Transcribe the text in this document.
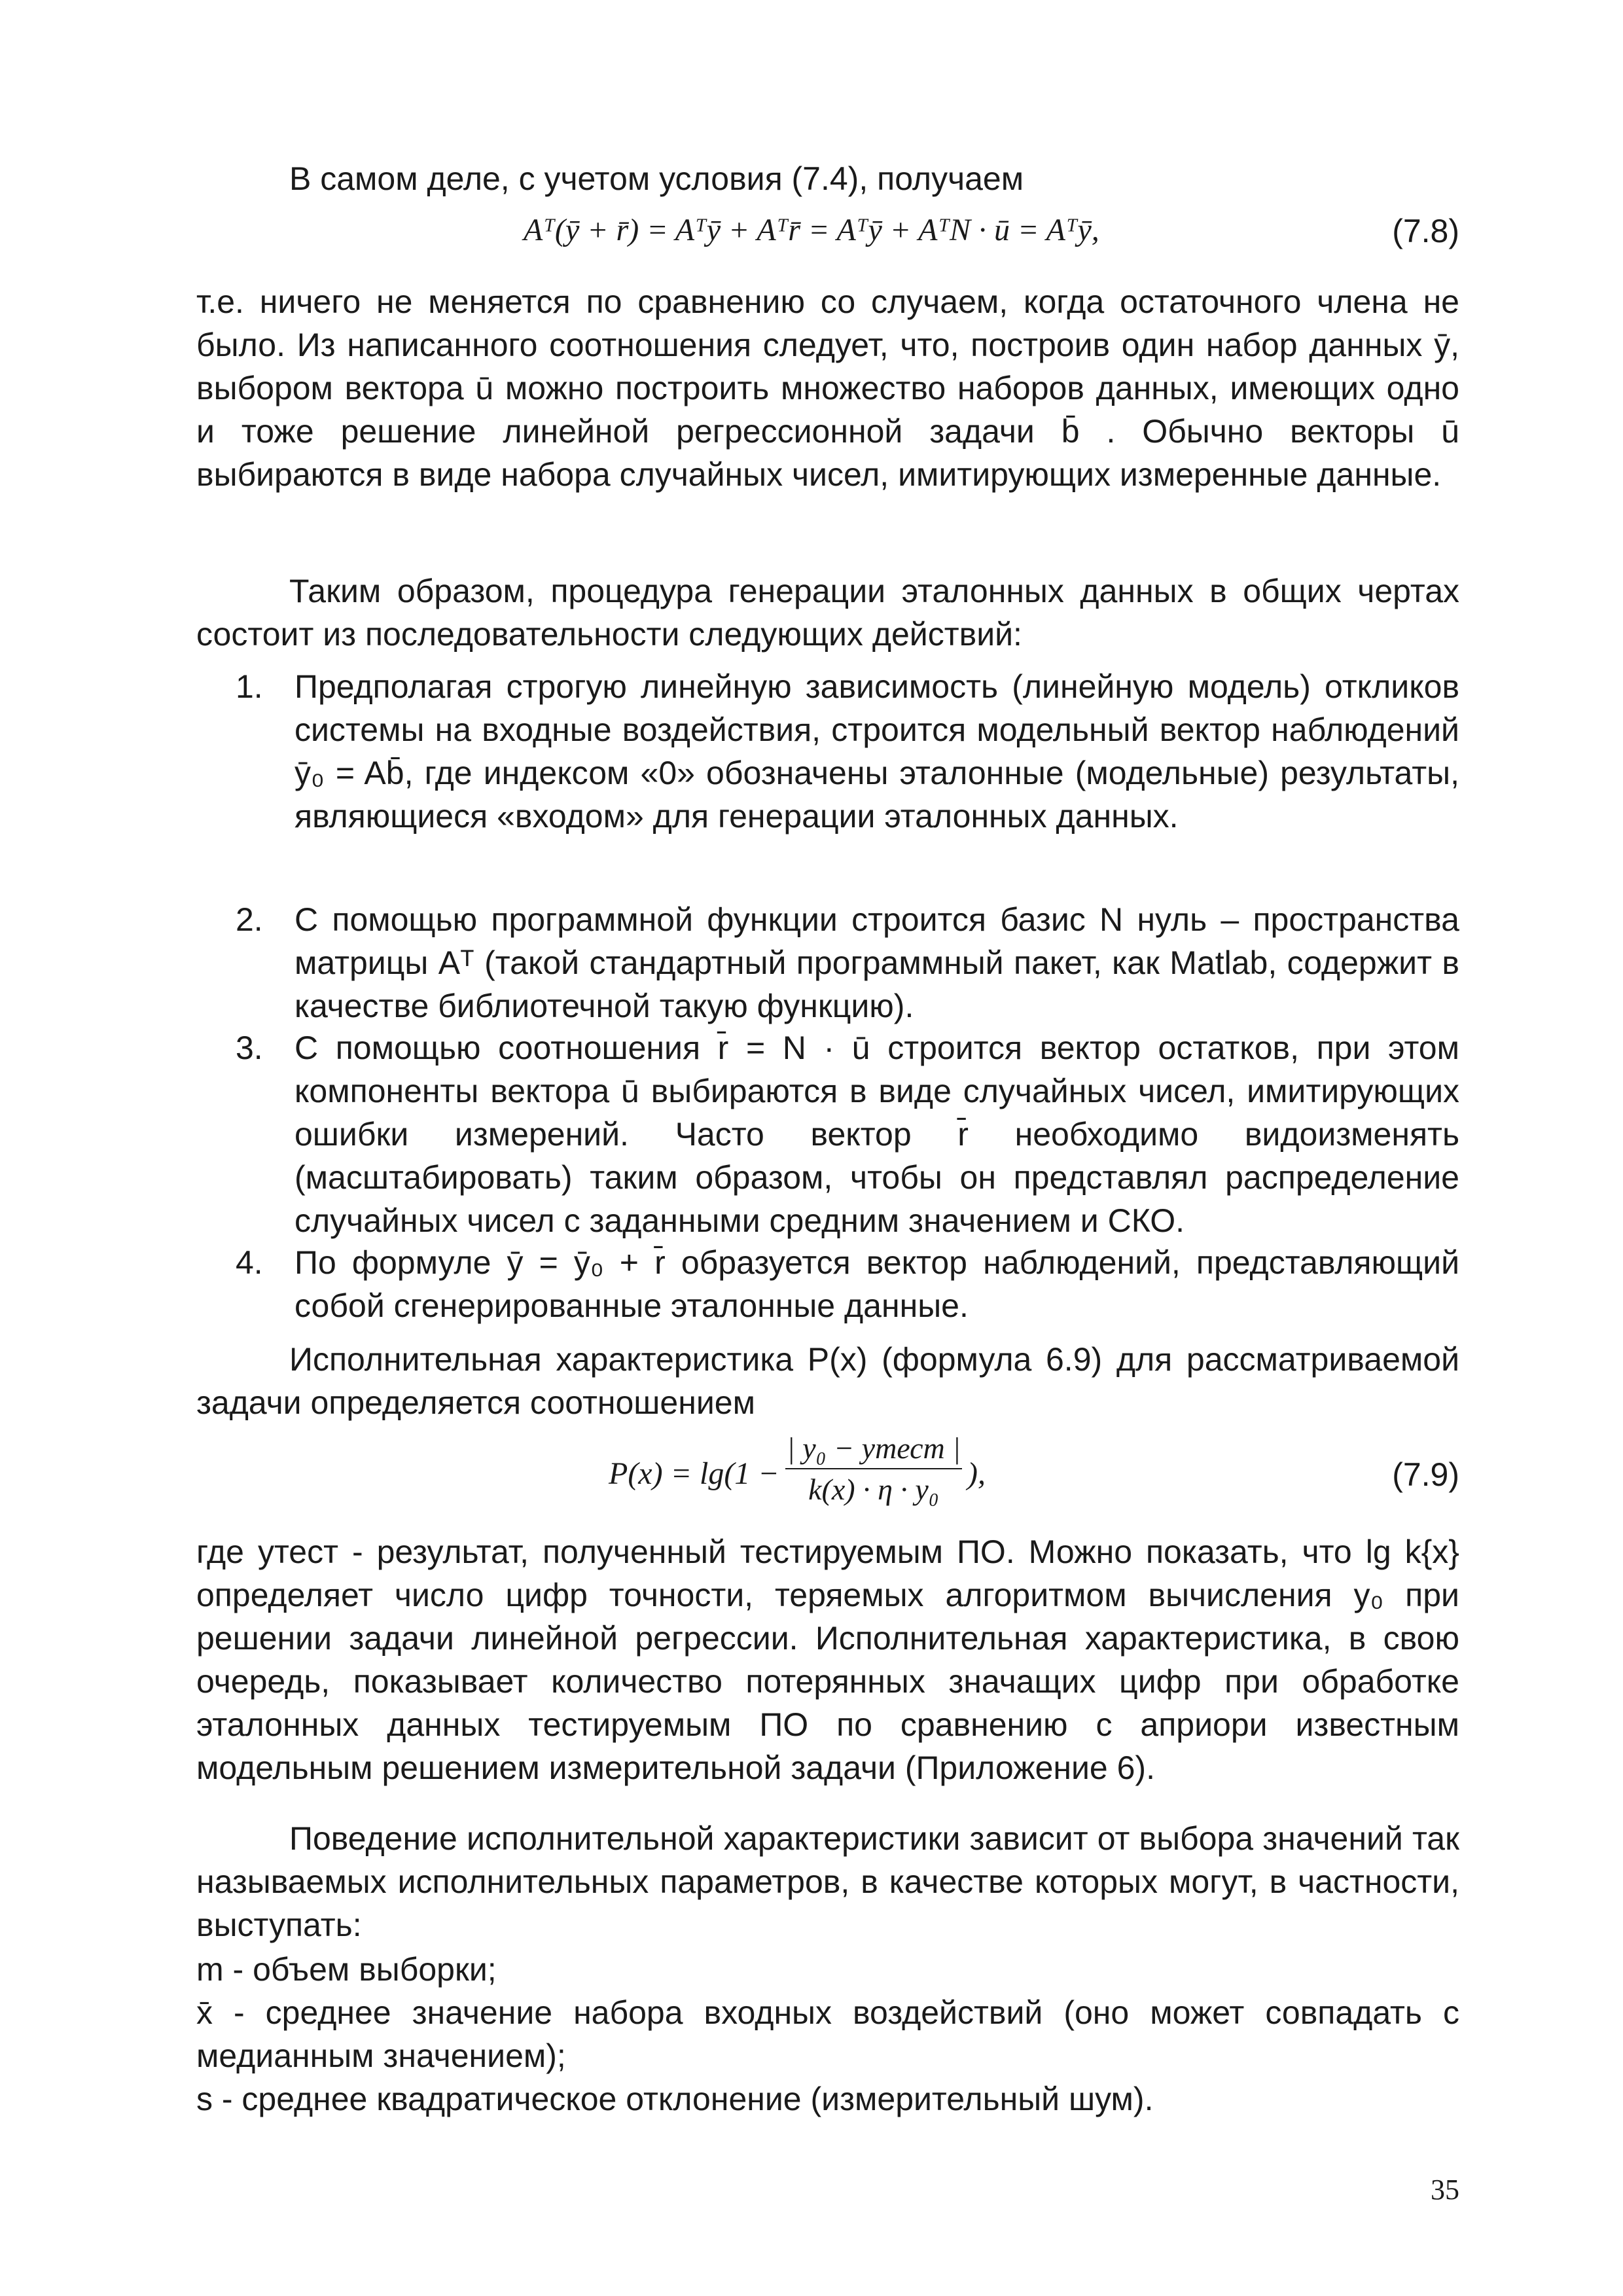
В самом деле, с учетом условия (7.4), получаем

Aᵀ(ȳ + r̄) = Aᵀȳ + Aᵀr̄ = Aᵀȳ + AᵀN · ū = Aᵀȳ,	(7.8)

т.е. ничего не меняется по сравнению со случаем, когда остаточного члена не было. Из написанного соотношения следует, что, построив один набор данных ȳ, выбором вектора ū можно построить множество наборов данных, имеющих одно и тоже решение линейной регрессионной задачи b̄ . Обычно векторы ū выбираются в виде набора случайных чисел, имитирующих измеренные данные.

Таким образом, процедура генерации эталонных данных в общих чертах состоит из последовательности следующих действий:

1. Предполагая строгую линейную зависимость (линейную модель) откликов системы на входные воздействия, строится модельный вектор наблюдений ȳ₀ = Ab̄, где индексом «0» обозначены эталонные (модельные) результаты, являющиеся «входом» для генерации эталонных данных.
2. С помощью программной функции строится базис N нуль – пространства матрицы Aᵀ (такой стандартный программный пакет, как Matlab, содержит в качестве библиотечной такую функцию).
3. С помощью соотношения r̄ = N · ū строится вектор остатков, при этом компоненты вектора ū выбираются в виде случайных чисел, имитирующих ошибки измерений. Часто вектор r̄ необходимо видоизменять (масштабировать) таким образом, чтобы он представлял распределение случайных чисел с заданными средним значением и СКО.
4. По формуле ȳ = ȳ₀ + r̄ образуется вектор наблюдений, представляющий собой сгенерированные эталонные данные.

Исполнительная характеристика P(x) (формула 6.9) для рассматриваемой задачи определяется соотношением

P(x) = lg(1 −
| y₀ − yтест |
k(x) · η · y₀ ),	(7.9)

где yтест - результат, полученный тестируемым ПО. Можно показать, что lg k{x} определяет число цифр точности, теряемых алгоритмом вычисления y₀ при решении задачи линейной регрессии. Исполнительная характеристика, в свою очередь, показывает количество потерянных значащих цифр при обработке эталонных данных тестируемым ПО по сравнению с априори известным модельным решением измерительной задачи (Приложение 6).

Поведение исполнительной характеристики зависит от выбора значений так называемых исполнительных параметров, в качестве которых могут, в частности, выступать:

m - объем выборки;

x̄ - среднее значение набора входных воздействий (оно может совпадать с медианным значением);

s - среднее квадратическое отклонение (измерительный шум).

35
